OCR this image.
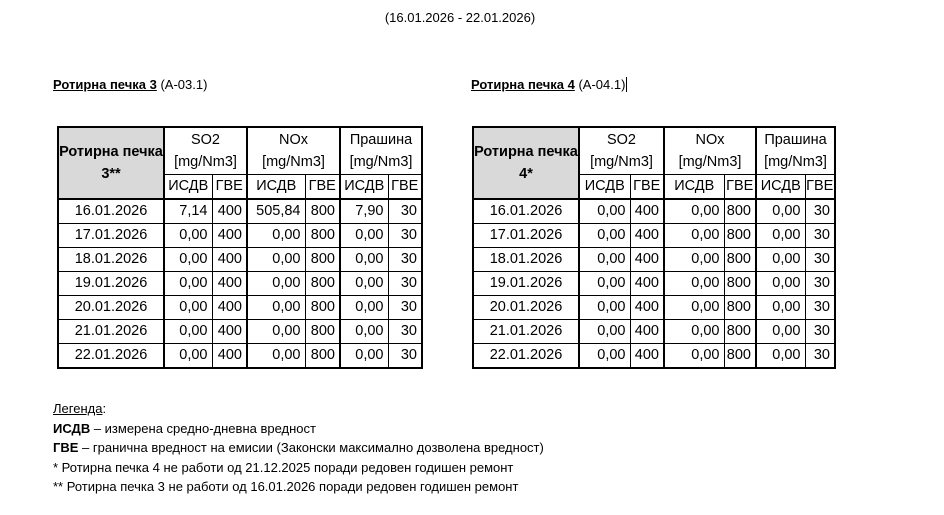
(16.01.2026 - 22.01.2026)
Ротирна печка 3 (A-03.1)	Ротирна печка 4 (A-04.1)
Ротирна печка 3**	SO2
[mg/Nm3]		NOx
[mg/Nm3]		Прашина
[mg/Nm3]	
	ИСДВ	ГВЕ	ИСДВ	ГВЕ	ИСДВ	ГВЕ
16.01.2026	7,14	400	505,84	800	7,90	30
17.01.2026	0,00	400	0,00	800	0,00	30
18.01.2026	0,00	400	0,00	800	0,00	30
19.01.2026	0,00	400	0,00	800	0,00	30
20.01.2026	0,00	400	0,00	800	0,00	30
21.01.2026	0,00	400	0,00	800	0,00	30
22.01.2026	0,00	400	0,00	800	0,00	30
Ротирна печка 4*	SO2
[mg/Nm3]		NOx
[mg/Nm3]		Прашина
[mg/Nm3]	
	ИСДВ	ГВЕ	ИСДВ	ГВЕ	ИСДВ	ГВЕ
16.01.2026	0,00	400	0,00	800	0,00	30
17.01.2026	0,00	400	0,00	800	0,00	30
18.01.2026	0,00	400	0,00	800	0,00	30
19.01.2026	0,00	400	0,00	800	0,00	30
20.01.2026	0,00	400	0,00	800	0,00	30
21.01.2026	0,00	400	0,00	800	0,00	30
22.01.2026	0,00	400	0,00	800	0,00	30
Легенда:
ИСДВ – измерена средно-дневна вредност
ГВЕ – гранична вредност на емисии (Законски максимално дозволена вредност)
* Ротирна печка 4 не работи од 21.12.2025 поради редовен годишен ремонт
** Ротирна печка 3 не работи од 16.01.2026 поради редовен годишен ремонт
